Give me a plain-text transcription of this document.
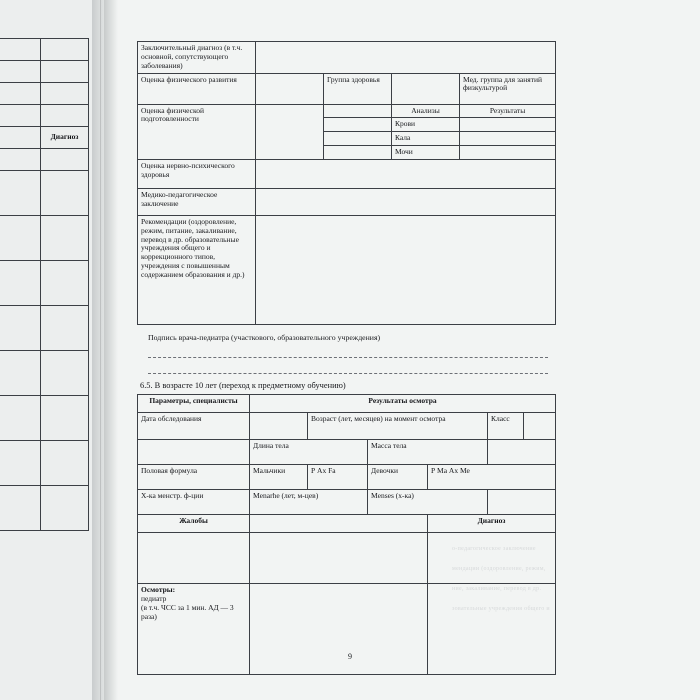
	Диагноз

Заключительный диагноз (в т.ч. основной, сопутствующего заболевания)				

Оценка физического развития		Группа здоровья		Мед. группа для занятий физкультурой
Оценка физической подготовленности			Анализы	Результаты
			Крови	
			Кала	
			Мочи	
Оценка нервно-психического здоровья				
Медико-педагогическое заключение				
Рекомендации (оздоровление, режим, питание, закаливание, перевод в др. образовательные учреждения общего и коррекционного типов, учреждения с повышенным содержанием образования и др.)				
Подпись врача-педиатра (участкового, образовательного учреждения)
6.5. В возрасте 10 лет (переход к предметному обучению)
Параметры, специалисты	Результаты осмотра					
Дата обследования		Возраст (лет, месяцев) на момент осмотра			Класс	
	Длина тела		Масса тела			
Половая формула	Мальчики	Р Ах Fa	Девочки	Р Ма Ах Ме		
Х-ка менстр. ф-ции	Menarhe (лет, м-цев)		Menses (х-ка)			
Жалобы				Диагноз		

Осмотры:
педиатр
(в т.ч. ЧСС за 1 мин. АД — 3 раза)						
о-педагогическое заключение
мендации (оздоровление, режим,
ние, закаливание, перевод в др.
зовательные учреждения общего и
9
